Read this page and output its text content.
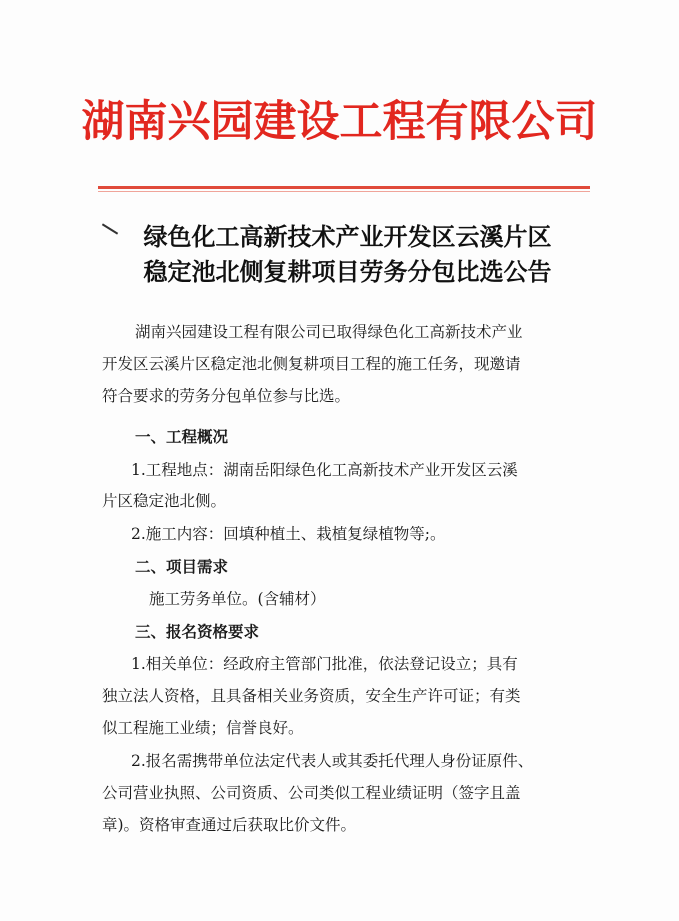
湖南兴园建设工程有限公司
绿色化工高新技术产业开发区云溪片区
稳定池北侧复耕项目劳务分包比选公告
湖南兴园建设工程有限公司已取得绿色化工高新技术产业
开发区云溪片区稳定池北侧复耕项目工程的施工任务，现邀请
符合要求的劳务分包单位参与比选。
一、工程概况
1.工程地点：湖南岳阳绿色化工高新技术产业开发区云溪
片区稳定池北侧。
2.施工内容：回填种植土、栽植复绿植物等;。
二、项目需求
施工劳务单位。(含辅材）
三、报名资格要求
1.相关单位：经政府主管部门批准，依法登记设立；具有
独立法人资格，且具备相关业务资质，安全生产许可证；有类
似工程施工业绩；信誉良好。
2.报名需携带单位法定代表人或其委托代理人身份证原件、
公司营业执照、公司资质、公司类似工程业绩证明（签字且盖
章)。资格审查通过后获取比价文件。
